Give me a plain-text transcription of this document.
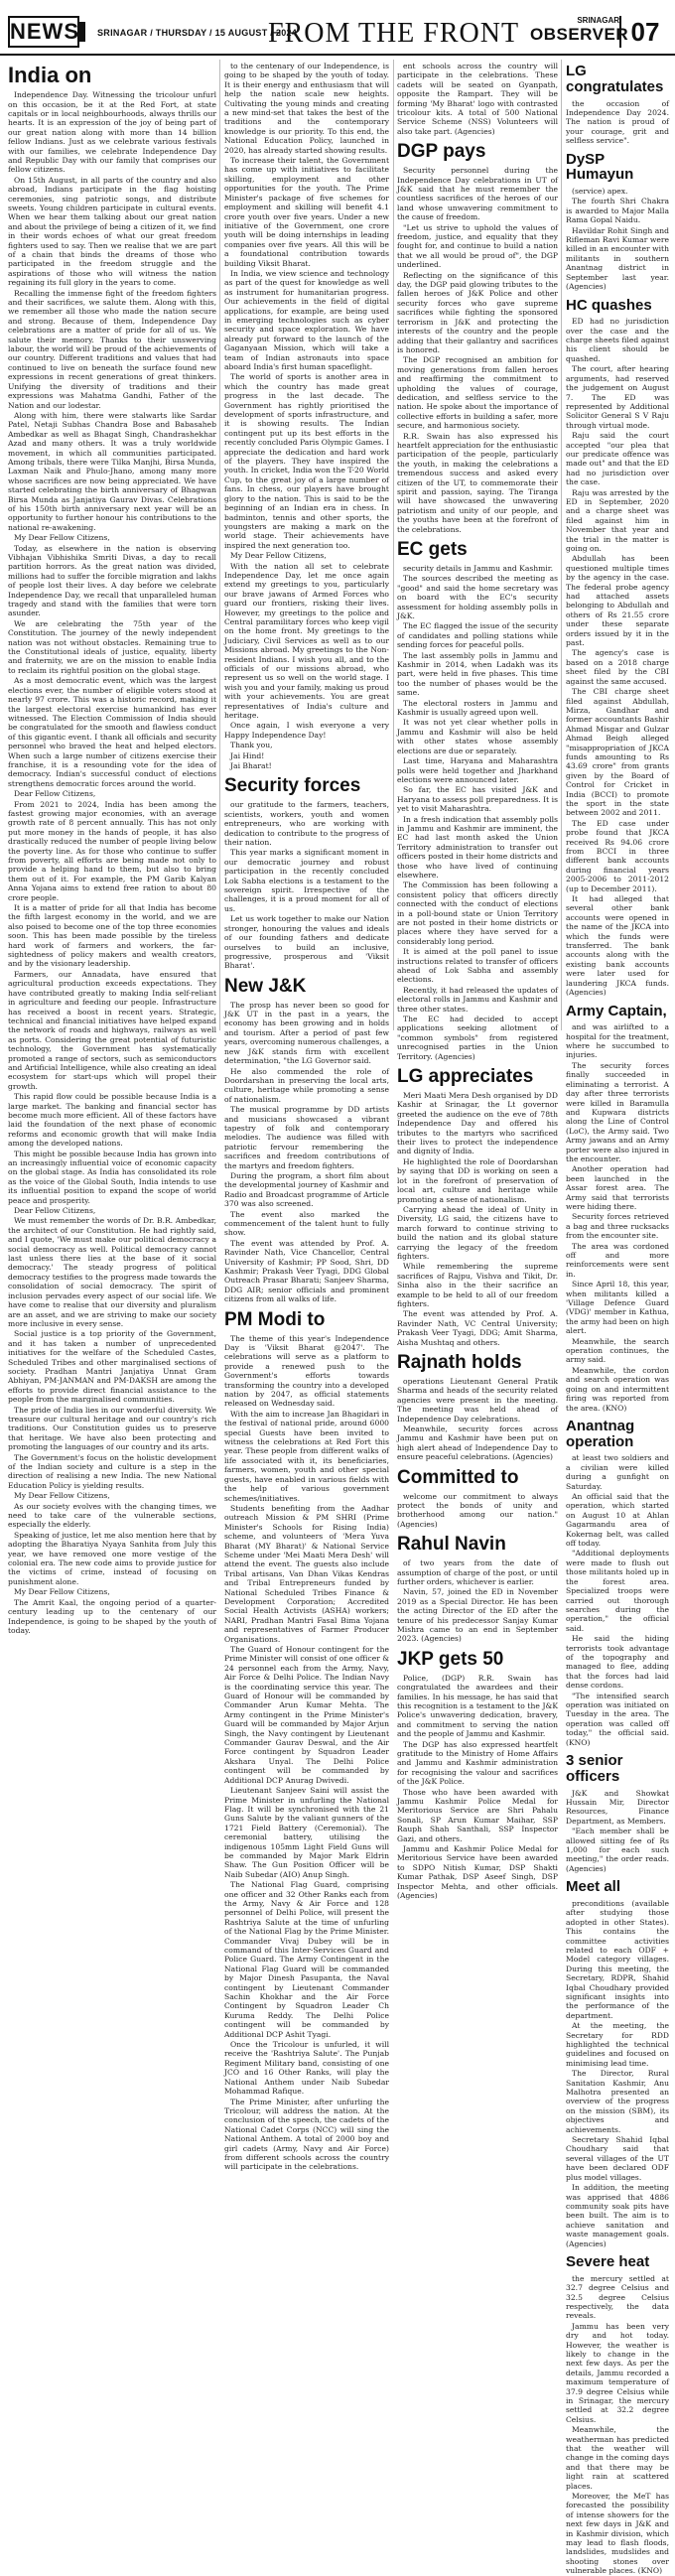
NEWS SRINAGAR / THURSDAY / 15 AUGUST / 2024
FROM THE FRONT	SRINAGAR
OBSERVER 07
India on

Independence Day. Witnessing the tricolour unfurl on this occasion, be it at the Red Fort, at state capitals or in local neighbourhoods, always thrills our hearts. It is an expression of the joy of being part of our great nation along with more than 14 billion fellow Indians. Just as we celebrate various festivals with our families, we celebrate Independence Day and Republic Day with our family that comprises our fellow citizens.

On 15th August, in all parts of the country and also abroad, Indians participate in the flag hoisting ceremonies, sing patriotic songs, and distribute sweets. Young children participate in cultural events. When we hear them talking about our great nation and about the privilege of being a citizen of it, we find in their words echoes of what our great freedom fighters used to say. Then we realise that we are part of a chain that binds the dreams of those who participated in the freedom struggle and the aspirations of those who will witness the nation regaining its full glory in the years to come.

Recalling the immense fight of the freedom fighters and their sacrifices, we salute them. Along with this, we remember all those who made the nation secure and strong. Because of them, Independence Day celebrations are a matter of pride for all of us. We salute their memory. Thanks to their unswerving labour, the world will be proud of the achievements of our country. Different traditions and values that had continued to live on beneath the surface found new expressions in recent generations of great thinkers. Unifying the diversity of traditions and their expressions was Mahatma Gandhi, Father of the Nation and our lodestar.

Along with him, there were stalwarts like Sardar Patel, Netaji Subhas Chandra Bose and Babasaheb Ambedkar as well as Bhagat Singh, Chandrashekhar Azad and many others. It was a truly worldwide movement, in which all communities participated. Among tribals, there were Tilka Manjhi, Birsa Munda, Laxman Naik and Phulo-Jhano, among many more whose sacrifices are now being appreciated. We have started celebrating the birth anniversary of Bhagwan Birsa Munda as Janjatiya Gaurav Divas. Celebrations of his 150th birth anniversary next year will be an opportunity to further honour his contributions to the national re-awakening.

My Dear Fellow Citizens,

Today, as elsewhere in the nation is observing Vibhajan Vibhishika Smriti Divas, a day to recall partition horrors. As the great nation was divided, millions had to suffer the forcible migration and lakhs of people lost their lives. A day before we celebrate Independence Day, we recall that unparalleled human tragedy and stand with the families that were torn asunder.

We are celebrating the 75th year of the Constitution. The journey of the newly independent nation was not without obstacles. Remaining true to the Constitutional ideals of justice, equality, liberty and fraternity, we are on the mission to enable India to reclaim its rightful position on the global stage.

As a most democratic event, which was the largest elections ever, the number of eligible voters stood at nearly 97 crore. This was a historic record, making it the largest electoral exercise humankind has ever witnessed. The Election Commission of India should be congratulated for the smooth and flawless conduct of this gigantic event. I thank all officials and security personnel who braved the heat and helped electors. When such a large number of citizens exercise their franchise, it is a resounding vote for the idea of democracy. Indian's successful conduct of elections strengthens democratic forces around the world.

Dear Fellow Citizens,

From 2021 to 2024, India has been among the fastest growing major economies, with an average growth rate of 8 percent annually. This has not only put more money in the hands of people, it has also drastically reduced the number of people living below the poverty line. As for those who continue to suffer from poverty, all efforts are being made not only to provide a helping hand to them, but also to bring them out of it. For example, the PM Garib Kalyan Anna Yojana aims to extend free ration to about 80 crore people.

It is a matter of pride for all that India has become the fifth largest economy in the world, and we are also poised to become one of the top three economies soon. This has been made possible by the tireless hard work of farmers and workers, the far-sightedness of policy makers and wealth creators, and by the visionary leadership.

Farmers, our Annadata, have ensured that agricultural production exceeds expectations. They have contributed greatly to making India self-reliant in agriculture and feeding our people. Infrastructure has received a boost in recent years. Strategic, technical and financial initiatives have helped expand the network of roads and highways, railways as well as ports. Considering the great potential of futuristic technology, the Government has systematically promoted a range of sectors, such as semiconductors and Artificial Intelligence, while also creating an ideal ecosystem for start-ups which will propel their growth.

This rapid flow could be possible because India is a large market. The banking and financial sector has become much more efficient. All of these factors have laid the foundation of the next phase of economic reforms and economic growth that will make India among the developed nations.

This might be possible because India has grown into an increasingly influential voice of economic capacity on the global stage. As India has consolidated its role as the voice of the Global South, India intends to use its influential position to expand the scope of world peace and prosperity.

Dear Fellow Citizens,

We must remember the words of Dr. B.R. Ambedkar, the architect of our Constitution. He had rightly said, and I quote, 'We must make our political democracy a social democracy as well. Political democracy cannot last unless there lies at the base of it social democracy.' The steady progress of political democracy testifies to the progress made towards the consolidation of social democracy. The spirit of inclusion pervades every aspect of our social life. We have come to realise that our diversity and pluralism are an asset, and we are striving to make our society more inclusive in every sense.

Social justice is a top priority of the Government, and it has taken a number of unprecedented initiatives for the welfare of the Scheduled Castes, Scheduled Tribes and other marginalised sections of society. Pradhan Mantri Janjatiya Unnat Gram Abhiyan, PM-JANMAN and PM-DAKSH are among the efforts to provide direct financial assistance to the people from the marginalised communities.

The pride of India lies in our wonderful diversity. We treasure our cultural heritage and our country's rich traditions. Our Constitution guides us to preserve that heritage. We have also been protecting and promoting the languages of our country and its arts.

The Government's focus on the holistic development of the Indian society and culture is a step in the direction of realising a new India. The new National Education Policy is yielding results.

My Dear Fellow Citizens,

As our society evolves with the changing times, we need to take care of the vulnerable sections, especially the elderly.

Speaking of justice, let me also mention here that by adopting the Bharatiya Nyaya Sanhita from July this year, we have removed one more vestige of the colonial era. The new code aims to provide justice for the victims of crime, instead of focusing on punishment alone.

My Dear Fellow Citizens,

The Amrit Kaal, the ongoing period of a quarter-century leading up to the centenary of our Independence, is going to be shaped by the youth of today.

to the centenary of our Independence, is going to be shaped by the youth of today. It is their energy and enthusiasm that will help the nation scale new heights. Cultivating the young minds and creating a new mind-set that takes the best of the traditions and the contemporary knowledge is our priority. To this end, the National Education Policy, launched in 2020, has already started showing results.

To increase their talent, the Government has come up with initiatives to facilitate skilling, employment and other opportunities for the youth. The Prime Minister's package of five schemes for employment and skilling will benefit 4.1 crore youth over five years. Under a new initiative of the Government, one crore youth will be doing internships in leading companies over five years. All this will be a foundational contribution towards building Viksit Bharat.

In India, we view science and technology as part of the quest for knowledge as well as instrument for humanitarian progress. Our achievements in the field of digital applications, for example, are being used in emerging technologies such as cyber security and space exploration. We have already put forward to the launch of the Gaganyaan Mission, which will take a team of Indian astronauts into space aboard India's first human spaceflight.

The world of sports is another area in which the country has made great progress in the last decade. The Government has rightly prioritised the development of sports infrastructure, and it is showing results. The Indian contingent put up its best efforts in the recently concluded Paris Olympic Games. I appreciate the dedication and hard work of the players. They have inspired the youth. In cricket, India won the T-20 World Cup, to the great joy of a large number of fans. In chess, our players have brought glory to the nation. This is said to be the beginning of an Indian era in chess. In badminton, tennis and other sports, the youngsters are making a mark on the world stage. Their achievements have inspired the next generation too.

My Dear Fellow Citizens,

With the nation all set to celebrate Independence Day, let me once again extend my greetings to you, particularly our brave jawans of Armed Forces who guard our frontiers, risking their lives. However, my greetings to the police and Central paramilitary forces who keep vigil on the home front. My greetings to the Judiciary, Civil Services as well as to our Missions abroad. My greetings to the Non-resident Indians. I wish you all, and to the officials of our missions abroad, who represent us so well on the world stage. I wish you and your family, making us proud with your achievements. You are great representatives of India's culture and heritage.

Once again, I wish everyone a very Happy Independence Day!

Thank you,

Jai Hind!

Jai Bharat!

Security forces

our gratitude to the farmers, teachers, scientists, workers, youth and women entrepreneurs, who are working with dedication to contribute to the progress of their nation.

This year marks a significant moment in our democratic journey and robust participation in the recently concluded Lok Sabha elections is a testament to the sovereign spirit. Irrespective of the challenges, it is a proud moment for all of us.

Let us work together to make our Nation stronger, honouring the values and ideals of our founding fathers and dedicate ourselves to build an inclusive, progressive, prosperous and 'Viksit Bharat'.

New J&K

The prosp has never been so good for J&K UT in the past in a years, the economy has been growing and in holds and tourism. After a period of past few years, overcoming numerous challenges, a new J&K stands firm with excellent determination, "the LG Governor said.

He also commended the role of Doordarshan in preserving the local arts, culture, heritage while promoting a sense of nationalism.

The musical programme by DD artists and musicians showcased a vibrant tapestry of folk and contemporary melodies. The audience was filled with patriotic fervour remembering the sacrifices and freedom contributions of the martyrs and freedom fighters.

During the program, a short film about the developmental journey of Kashmir and Radio and Broadcast programme of Article 370 was also screened.

The event also marked the commencement of the talent hunt to fully show.

The event was attended by Prof. A. Ravinder Nath, Vice Chancellor, Central University of Kashmir; PP Sood, Shri, DD Kashmir; Prakash Veer Tyagi, DDG Global Outreach Prasar Bharati; Sanjeev Sharma, DDG AIR; senior officials and prominent citizens from all walks of life.

PM Modi to

The theme of this year's Independence Day is 'Viksit Bharat @2047'. The celebrations will serve as a platform to provide a renewed push to the Government's efforts towards transforming the country into a developed nation by 2047, as official statements released on Wednesday said.

With the aim to increase Jan Bhagidari in the festival of national pride, around 6000 special Guests have been invited to witness the celebrations at Red Fort this year. These people from different walks of life associated with it, its beneficiaries, farmers, women, youth and other special guests, have enabled in various fields with the help of various government schemes/initiatives.

Students benefiting from the Aadhar outreach Mission & PM SHRI (Prime Minister's Schools for Rising India) scheme, and volunteers of 'Mera Yuva Bharat (MY Bharat)' & National Service Scheme under 'Mei Maati Mera Desh' will attend the event. The guests also include Tribal artisans, Van Dhan Vikas Kendras and Tribal Entrepreneurs funded by National Scheduled Tribes Finance & Development Corporation; Accredited Social Health Activists (ASHA) workers; NARI, Pradhan Mantri Fasal Bima Yojana and representatives of Farmer Producer Organisations.

The Guard of Honour contingent for the Prime Minister will consist of one officer & 24 personnel each from the Army, Navy, Air Force & Delhi Police. The Indian Navy is the coordinating service this year. The Guard of Honour will be commanded by Commander Arun Kumar Mehta. The Army contingent in the Prime Minister's Guard will be commanded by Major Arjun Singh, the Navy contingent by Lieutenant Commander Gaurav Deswal, and the Air Force contingent by Squadron Leader Akshara Unyal. The Delhi Police contingent will be commanded by Additional DCP Anurag Dwivedi.

Lieutenant Sanjeev Saini will assist the Prime Minister in unfurling the National Flag. It will be synchronised with the 21 Guns Salute by the valiant gunners of the 1721 Field Battery (Ceremonial). The ceremonial battery, utilising the indigenous 105mm Light Field Guns will be commanded by Major Mark Eldrin Shaw. The Gun Position Officer will be Naib Subedar (AIO) Anup Singh.

The National Flag Guard, comprising one officer and 32 Other Ranks each from the Army, Navy & Air Force and 128 personnel of Delhi Police, will present the Rashtriya Salute at the time of unfurling of the National Flag by the Prime Minister. Commander Vivaj Dubey will be in command of this Inter-Services Guard and Police Guard. The Army Contingent in the National Flag Guard will be commanded by Major Dinesh Pasupanta, the Naval contingent by Lieutenant Commander Sachin Khokhar and the Air Force Contingent by Squadron Leader Ch Kuruma Reddy. The Delhi Police contingent will be commanded by Additional DCP Ashit Tyagi.

Once the Tricolour is unfurled, it will receive the 'Rashtriya Salute'. The Punjab Regiment Military band, consisting of one JCO and 16 Other Ranks, will play the National Anthem under Naib Subedar Mohammad Rafique.

The Prime Minister, after unfurling the Tricolour, will address the nation. At the conclusion of the speech, the cadets of the National Cadet Corps (NCC) will sing the National Anthem. A total of 2000 boy and girl cadets (Army, Navy and Air Force) from different schools across the country will participate in the celebrations.

ent schools across the country will participate in the celebrations. These cadets will be seated on Gyanpath, opposite the Rampart. They will be forming 'My Bharat' logo with contrasted tricolour kits. A total of 500 National Service Scheme (NSS) Volunteers will also take part. (Agencies)

DGP pays

Security personnel during the Independence Day celebrations in UT of J&K said that he must remember the countless sacrifices of the heroes of our land whose unwavering commitment to the cause of freedom.

"Let us strive to uphold the values of freedom, justice, and equality that they fought for, and continue to build a nation that we all would be proud of", the DGP underlined.

Reflecting on the significance of this day, the DGP paid glowing tributes to the fallen heroes of J&K Police and other security forces who gave supreme sacrifices while fighting the sponsored terrorism in J&K and protecting the interests of the country and the people adding that their gallantry and sacrifices is honored.

The DGP recognised an ambition for moving generations from fallen heroes and reaffirming the commitment to upholding the values of courage, dedication, and selfless service to the nation. He spoke about the importance of collective efforts in building a safer, more secure, and harmonious society.

R.R. Swain has also expressed his heartfelt appreciation for the enthusiastic participation of the people, particularly the youth, in making the celebrations a tremendous success and asked every citizen of the UT, to commemorate their spirit and passion, saying. The Tiranga will have showcased the unwavering patriotism and unity of our people, and the youths have been at the forefront of the celebrations.

EC gets

security details in Jammu and Kashmir.

The sources described the meeting as "good" and said the home secretary was on board with the EC's security assessment for holding assembly polls in J&K.

The EC flagged the issue of the security of candidates and polling stations while sending forces for peaceful polls.

The last assembly polls in Jammu and Kashmir in 2014, when Ladakh was its part, were held in five phases. This time too the number of phases would be the same.

The electoral rosters in Jammu and Kashmir is usually agreed upon well.

It was not yet clear whether polls in Jammu and Kashmir will also be held with other states whose assembly elections are due or separately.

Last time, Haryana and Maharashtra polls were held together and Jharkhand elections were announced later.

So far, the EC has visited J&K and Haryana to assess poll preparedness. It is yet to visit Maharashtra.

In a fresh indication that assembly polls in Jammu and Kashmir are imminent, the EC had last month asked the Union Territory administration to transfer out officers posted in their home districts and those who have lived of continuing elsewhere.

The Commission has been following a consistent policy that officers directly connected with the conduct of elections in a poll-bound state or Union Territory are not posted in their home districts or places where they have served for a considerably long period.

It is aimed at the poll panel to issue instructions related to transfer of officers ahead of Lok Sabha and assembly elections.

Recently, it had released the updates of electoral rolls in Jammu and Kashmir and three other states.

The EC had decided to accept applications seeking allotment of "common symbols" from registered unrecognised parties in the Union Territory. (Agencies)

LG appreciates

Meri Maati Mera Desh organised by DD Kashir at Srinagar, the Lt governor greeted the audience on the eve of 78th Independence Day and offered his tributes to the martyrs who sacrificed their lives to protect the independence and dignity of India.

He highlighted the role of Doordarshan by saying that DD is working on seen a lot in the forefront of preservation of local art, culture and heritage while promoting a sense of nationalism.

Carrying ahead the ideal of Unity in Diversity, LG said, the citizens have to march forward to continue striving to build the nation and its global stature carrying the legacy of the freedom fighters.

While remembering the supreme sacrifices of Rajpu, Vishva and Tikit, Dr. Sinha also in the their sacrifice an example to be held to all of our freedom fighters.

The event was attended by Prof. A. Ravinder Nath, VC Central University; Prakash Veer Tyagi, DDG; Amit Sharma, Aisha Mushtaq and others.

Rajnath holds

operations Lieutenant General Pratik Sharma and heads of the security related agencies were present in the meeting. The meeting was held ahead of Independence Day celebrations.

Meanwhile, security forces across Jammu and Kashmir have been put on high alert ahead of Independence Day to ensure peaceful celebrations. (Agencies)

Committed to

welcome our commitment to always protect the bonds of unity and brotherhood among our nation." (Agencies)

Rahul Navin

of two years from the date of assumption of charge of the post, or until further orders, whichever is earlier.

Navin, 57, joined the ED in November 2019 as a Special Director. He has been the acting Director of the ED after the tenure of his predecessor Sanjay Kumar Mishra came to an end in September 2023. (Agencies)

JKP gets 50

Police, (DGP) R.R. Swain has congratulated the awardees and their families. In his message, he has said that this recognition is a testament to the J&K Police's unwavering dedication, bravery, and commitment to serving the nation and the people of Jammu and Kashmir.

The DGP has also expressed heartfelt gratitude to the Ministry of Home Affairs and Jammu and Kashmir administration for recognising the valour and sacrifices of the J&K Police.

Those who have been awarded with Jammu Kashmir Police Medal for Meritorious Service are Shri Pahalu Sonali, SP Arun Kumar Maihar, SSP Rauph Shah Santhali, SSP Inspector Gazi, and others.

Jammu and Kashmir Police Medal for Meritorious Service have been awarded to SDPO Nitish Kumar, DSP Shakti Kumar Pathak, DSP Aseef Singh, DSP Inspector Mehta, and other officials. (Agencies)

LG congratulates

the occasion of Independence Day 2024. The nation is proud of your courage, grit and selfless service".

DySP Humayun

(service) apex.

The fourth Shri Chakra is awarded to Major Malla Rama Gopal Naidu.

Havildar Rohit Singh and Rifleman Ravi Kumar were killed in an encounter with militants in southern Anantnag district in September last year. (Agencies)

HC quashes

ED had no jurisdiction over the case and the charge sheets filed against his client should be quashed.

The court, after hearing arguments, had reserved the judgement on August 7. The ED was represented by Additional Solicitor General S V Raju through virtual mode.

Raju said the court accepted "our plea that our predicate offence was made out" and that the ED had no jurisdiction over the case.

Raju was arrested by the ED in September, 2020 and a charge sheet was filed against him in November that year and the trial in the matter is going on.

Abdullah has been questioned multiple times by the agency in the case. The federal probe agency had attached assets belonging to Abdullah and others of Rs 21.55 crore under these separate orders issued by it in the past.

The agency's case is based on a 2018 charge sheet filed by the CBI against the same accused.

The CBI charge sheet filed against Abdullah, Mirza, Gandhar and former accountants Bashir Ahmad Misgar and Gulzar Ahmad Beigh alleged "misappropriation of JKCA funds amounting to Rs 43.69 crore" from grants given by the Board of Control for Cricket in India (BCCI) to promote the sport in the state between 2002 and 2011.

The ED case under probe found that JKCA received Rs 94.06 crore from BCCI in three different bank accounts during financial years 2005-2006 to 2011-2012 (up to December 2011).

It had alleged that several other bank accounts were opened in the name of the JKCA into which the funds were transferred. The bank accounts along with the existing bank accounts were later used for laundering JKCA funds. (Agencies)

Army Captain,

and was airlifted to a hospital for the treatment, where he succumbed to injuries.

The security forces finally succeeded in eliminating a terrorist. A day after three terrorists were killed in Baramulla and Kupwara districts along the Line of Control (LoC), the Army said. Two Army jawans and an Army porter were also injured in the encounter.

Another operation had been launched in the Assar forest area. The Army said that terrorists were hiding there.

Security forces retrieved a bag and three rucksacks from the encounter site.

The area was cordoned off and more reinforcements were sent in.

Since April 18, this year, when militants killed a 'Village Defence Guard (VDG)' member in Kathua, the army had been on high alert.

Meanwhile, the search operation continues, the army said.

Meanwhile, the cordon and search operation was going on and intermittent firing was reported from the area. (KNO)

Anantnag operation

at least two soldiers and a civilian were killed during a gunfight on Saturday.

An official said that the operation, which started on August 10 at Ahlan Gagarmandu area of Kokernag belt, was called off today.

"Additional deployments were made to flush out those militants holed up in the forest area. Specialized troops were carried out thorough searches during the operation," the official said.

He said the hiding terrorists took advantage of the topography and managed to flee, adding that the forces had laid dense cordons.

"The intensified search operation was initiated on Tuesday in the area. The operation was called off today," the official said. (KNO)

3 senior officers

J&K and Showkat Hussain Mir, Director Resources, Finance Department, as Members.

"Each member shall be allowed sitting fee of Rs 1,000 for each such meeting," the order reads. (Agencies)

Meet all

preconditions (available after studying those adopted in other States). This contains the committee activities related to each ODF + Model category villages. During this meeting, the Secretary, RDPR, Shahid Iqbal Choudhary provided significant insights into the performance of the department.

At the meeting, the Secretary for RDD highlighted the technical guidelines and focused on minimising lead time.

The Director, Rural Sanitation Kashmir, Anu Malhotra presented an overview of the progress on the mission (SBM), its objectives and achievements.

Secretary Shahid Iqbal Choudhary said that several villages of the UT have been declared ODF plus model villages.

In addition, the meeting was apprised that 4886 community soak pits have been built. The aim is to achieve sanitation and waste management goals. (Agencies)

Severe heat

the mercury settled at 32.7 degree Celsius and 32.5 degree Celsius respectively, the data reveals.

Jammu has been very dry and hot today. However, the weather is likely to change in the next few days. As per the details, Jammu recorded a maximum temperature of 37.9 degree Celsius while in Srinagar, the mercury settled at 32.2 degree Celsius.

Meanwhile, the weatherman has predicted that the weather will change in the coming days and that there may be light rain at scattered places.

Moreover, the MeT has forecasted the possibility of intense showers for the next few days in J&K and in Kashmir division, which may lead to flash floods, landslides, mudslides and shooting stones over vulnerable places. (KNO)
